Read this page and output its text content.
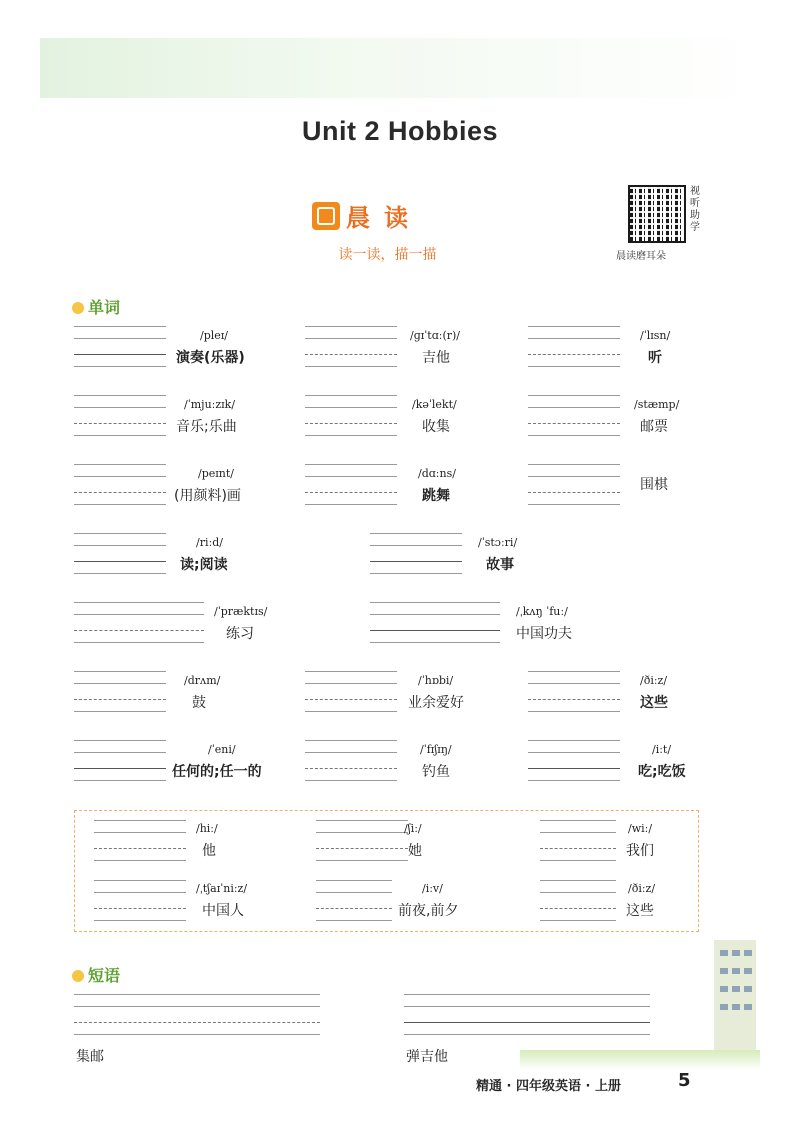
Unit 2 Hobbies
晨读
读一读，描一描
视听助学
晨读磨耳朵
单词
/pleɪ/
演奏(乐器)
/ɡɪˈtɑː(r)/
吉他
/ˈlɪsn/
听
/ˈmjuːzɪk/
音乐;乐曲
/kəˈlekt/
收集
/stæmp/
邮票
/peɪnt/
(用颜料)画
/dɑːns/
跳舞
围棋
/riːd/
读;阅读
/ˈstɔːri/
故事
/ˈpræktɪs/
练习
/ˌkʌŋ ˈfuː/
中国功夫
/drʌm/
鼓
/ˈhɒbi/
业余爱好
/ðiːz/
这些
/ˈeni/
任何的;任一的
/ˈfɪʃɪŋ/
钓鱼
/iːt/
吃;吃饭
/hiː/
他
/ʃiː/
她
/wiː/
我们
/ˌtʃaɪˈniːz/
中国人
/iːv/
前夜,前夕
/ðiːz/
这些
短语
集邮	弹吉他
精通 · 四年级英语 · 上册	5
